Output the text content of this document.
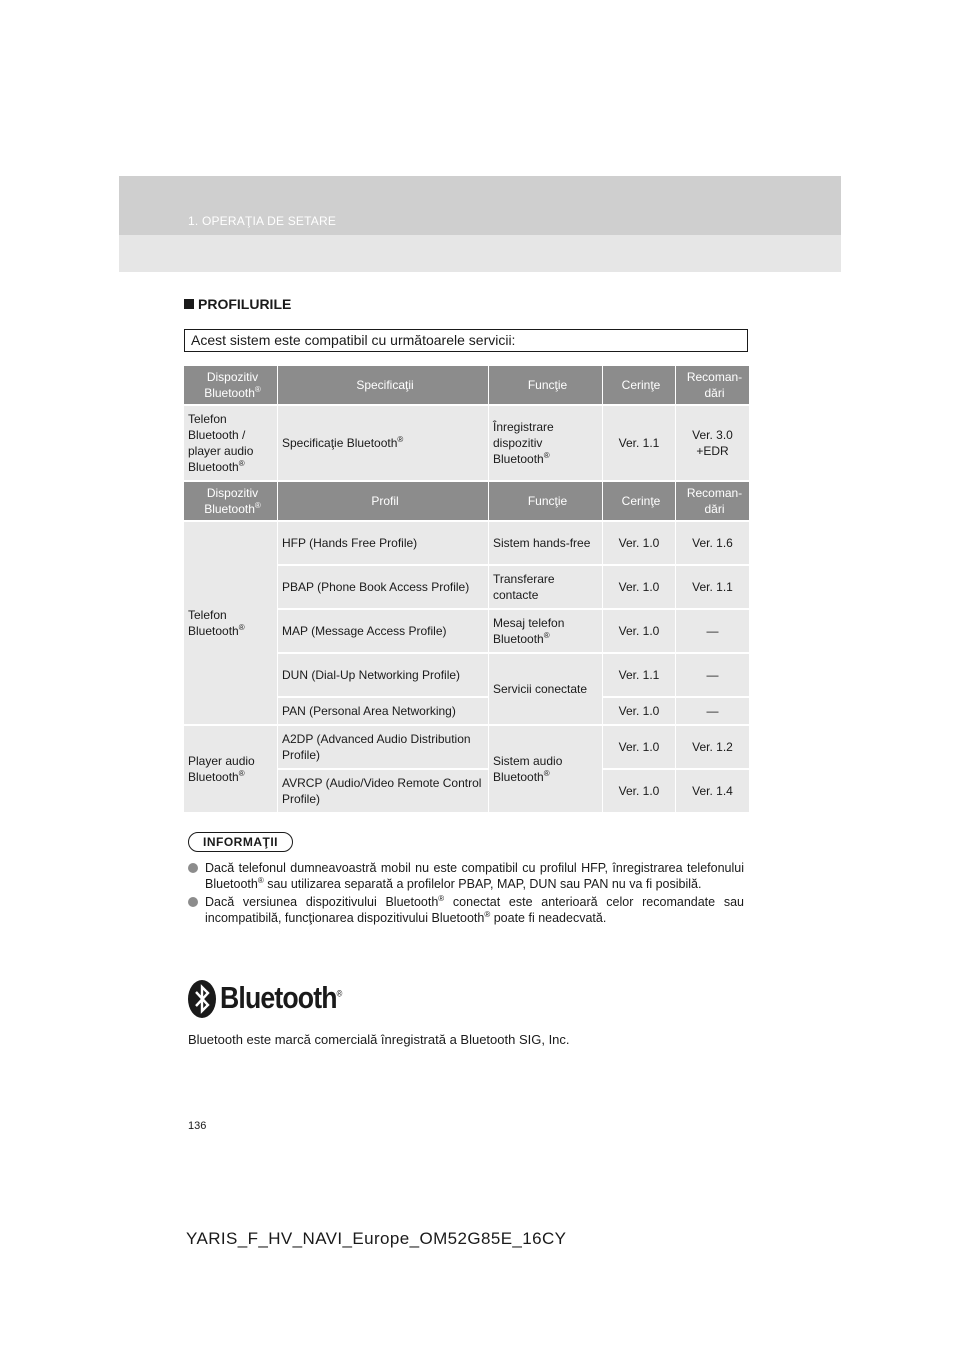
1. OPERAŢIA DE SETARE
PROFILURILE
Acest sistem este compatibil cu următoarele servicii:
Dispozitiv Bluetooth®	Specificaţii	Funcţie	Cerinţe	Recoman-dări
Telefon Bluetooth / player audio Bluetooth®	Specificaţie Bluetooth®	Înregistrare dispozitiv Bluetooth®	Ver. 1.1	Ver. 3.0 +EDR
Dispozitiv Bluetooth®	Profil	Funcţie	Cerinţe	Recoman-dări
Telefon Bluetooth®	HFP (Hands Free Profile)	Sistem hands-free	Ver. 1.0	Ver. 1.6
	PBAP (Phone Book Access Profile)	Transferare contacte	Ver. 1.0	Ver. 1.1
	MAP (Message Access Profile)	Mesaj telefon Bluetooth®	Ver. 1.0	—
	DUN (Dial-Up Networking Profile)	Servicii conectate	Ver. 1.1	—
	PAN (Personal Area Networking)		Ver. 1.0	—
Player audio Bluetooth®	A2DP (Advanced Audio Distribution Profile)	Sistem audio Bluetooth®	Ver. 1.0	Ver. 1.2
	AVRCP (Audio/Video Remote Control Profile)		Ver. 1.0	Ver. 1.4
INFORMAŢII
Dacă telefonul dumneavoastră mobil nu este compatibil cu profilul HFP, înregistrarea telefonului Bluetooth® sau utilizarea separată a profilelor PBAP, MAP, DUN sau PAN nu va fi posibilă.
Dacă versiunea dispozitivului Bluetooth® conectat este anterioară celor recomandate sau incompatibilă, funcţionarea dispozitivului Bluetooth® poate fi neadecvată.
Bluetooth®
Bluetooth este marcă comercială înregistrată a Bluetooth SIG, Inc.
136
YARIS_F_HV_NAVI_Europe_OM52G85E_16CY
